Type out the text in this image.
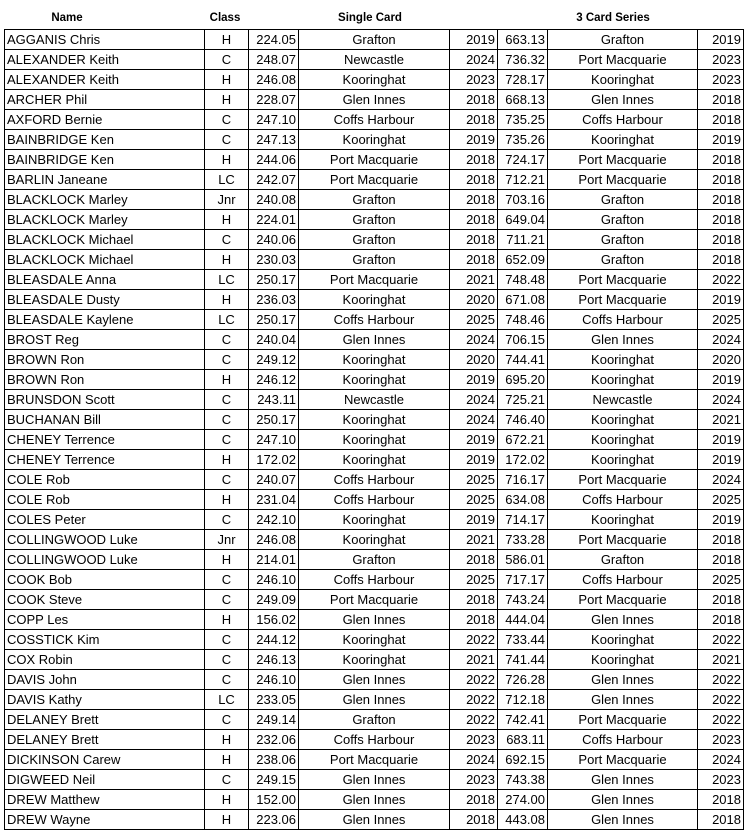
Name	Class	Single Card	3 Card Series
AGGANIS Chris	H	224.05	Grafton	2019	663.13	Grafton	2019
ALEXANDER Keith	C	248.07	Newcastle	2024	736.32	Port Macquarie	2023
ALEXANDER Keith	H	246.08	Kooringhat	2023	728.17	Kooringhat	2023
ARCHER Phil	H	228.07	Glen Innes	2018	668.13	Glen Innes	2018
AXFORD Bernie	C	247.10	Coffs Harbour	2018	735.25	Coffs Harbour	2018
BAINBRIDGE Ken	C	247.13	Kooringhat	2019	735.26	Kooringhat	2019
BAINBRIDGE Ken	H	244.06	Port Macquarie	2018	724.17	Port Macquarie	2018
BARLIN Janeane	LC	242.07	Port Macquarie	2018	712.21	Port Macquarie	2018
BLACKLOCK Marley	Jnr	240.08	Grafton	2018	703.16	Grafton	2018
BLACKLOCK Marley	H	224.01	Grafton	2018	649.04	Grafton	2018
BLACKLOCK Michael	C	240.06	Grafton	2018	711.21	Grafton	2018
BLACKLOCK Michael	H	230.03	Grafton	2018	652.09	Grafton	2018
BLEASDALE Anna	LC	250.17	Port Macquarie	2021	748.48	Port Macquarie	2022
BLEASDALE Dusty	H	236.03	Kooringhat	2020	671.08	Port Macquarie	2019
BLEASDALE Kaylene	LC	250.17	Coffs Harbour	2025	748.46	Coffs Harbour	2025
BROST Reg	C	240.04	Glen Innes	2024	706.15	Glen Innes	2024
BROWN Ron	C	249.12	Kooringhat	2020	744.41	Kooringhat	2020
BROWN Ron	H	246.12	Kooringhat	2019	695.20	Kooringhat	2019
BRUNSDON Scott	C	243.11	Newcastle	2024	725.21	Newcastle	2024
BUCHANAN Bill	C	250.17	Kooringhat	2024	746.40	Kooringhat	2021
CHENEY Terrence	C	247.10	Kooringhat	2019	672.21	Kooringhat	2019
CHENEY Terrence	H	172.02	Kooringhat	2019	172.02	Kooringhat	2019
COLE Rob	C	240.07	Coffs Harbour	2025	716.17	Port Macquarie	2024
COLE Rob	H	231.04	Coffs Harbour	2025	634.08	Coffs Harbour	2025
COLES Peter	C	242.10	Kooringhat	2019	714.17	Kooringhat	2019
COLLINGWOOD Luke	Jnr	246.08	Kooringhat	2021	733.28	Port Macquarie	2018
COLLINGWOOD Luke	H	214.01	Grafton	2018	586.01	Grafton	2018
COOK Bob	C	246.10	Coffs Harbour	2025	717.17	Coffs Harbour	2025
COOK Steve	C	249.09	Port Macquarie	2018	743.24	Port Macquarie	2018
COPP Les	H	156.02	Glen Innes	2018	444.04	Glen Innes	2018
COSSTICK Kim	C	244.12	Kooringhat	2022	733.44	Kooringhat	2022
COX Robin	C	246.13	Kooringhat	2021	741.44	Kooringhat	2021
DAVIS John	C	246.10	Glen Innes	2022	726.28	Glen Innes	2022
DAVIS Kathy	LC	233.05	Glen Innes	2022	712.18	Glen Innes	2022
DELANEY Brett	C	249.14	Grafton	2022	742.41	Port Macquarie	2022
DELANEY Brett	H	232.06	Coffs Harbour	2023	683.11	Coffs Harbour	2023
DICKINSON Carew	H	238.06	Port Macquarie	2024	692.15	Port Macquarie	2024
DIGWEED Neil	C	249.15	Glen Innes	2023	743.38	Glen Innes	2023
DREW Matthew	H	152.00	Glen Innes	2018	274.00	Glen Innes	2018
DREW Wayne	H	223.06	Glen Innes	2018	443.08	Glen Innes	2018
